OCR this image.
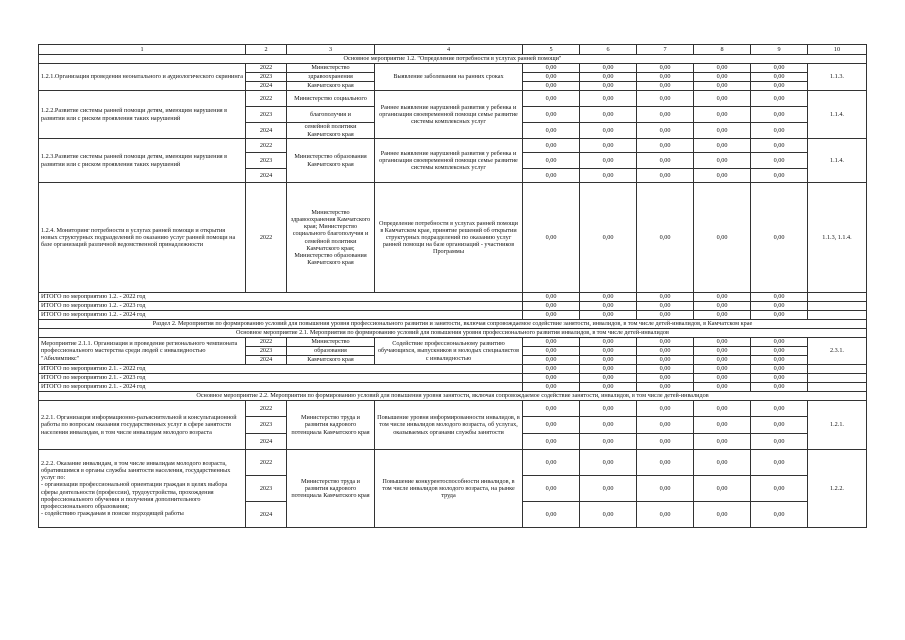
1	2	3	4	5	6	7	8	9	10
Основное мероприятие 1.2. "Определение потребности в услугах ранней помощи"									
1.2.1.Организация проведения неонатального и аудиологического скрининга	2022	Министерство	Выявление заболевания на ранних сроках	0,00	0,00	0,00	0,00	0,00	1.1.3.
	2023	здравоохранения		0,00	0,00	0,00	0,00	0,00	
	2024	Камчатского края		0,00	0,00	0,00	0,00	0,00	
1.2.2.Развитие системы ранней помощи детям, имеющим нарушения в развитии или с риском проявления таких нарушений	2022	Министерство социального	Раннее выявление нарушений развития у ребенка и организация своевременной помощи семье развитие системы комплексных услуг	0,00	0,00	0,00	0,00	0,00	1.1.4.
	2023	благополучия и		0,00	0,00	0,00	0,00	0,00	
	2024	семейной политики Камчатского края		0,00	0,00	0,00	0,00	0,00	
1.2.3.Развитие системы ранней помощи детям, имеющим нарушения в развитии или с риском проявления таких нарушений	2022	Министерство образования Камчатского края	Раннее выявление нарушений развития у ребенка и организация своевременной помощи семье развитие системы комплексных услуг	0,00	0,00	0,00	0,00	0,00	1.1.4.
	2023			0,00	0,00	0,00	0,00	0,00	
	2024			0,00	0,00	0,00	0,00	0,00	
1.2.4. Мониторинг потребности в услугах ранней помощи и открытия новых структурных подразделений по оказанию услуг ранней помощи на базе организаций различной ведомственной принадлежности	2022	Министерство здравоохранения Камчатского края; Министерство социального благополучия и семейной политики Камчатского края; Министерство образования Камчатского края	Определение потребности в услугах ранней помощи в Камчатском крае, принятие решений об открытии структурных подразделений по оказанию услуг ранней помощи на базе организаций - участников Программы	0,00	0,00	0,00	0,00	0,00	1.1.3, 1.1.4.
ИТОГО по мероприятию 1.2. - 2022 год				0,00	0,00	0,00	0,00	0,00	
ИТОГО по мероприятию 1.2. - 2023 год				0,00	0,00	0,00	0,00	0,00	
ИТОГО по мероприятию 1.2. - 2024 год				0,00	0,00	0,00	0,00	0,00	
Раздел 2. Мероприятия по формированию условий для повышения уровня профессионального развития и занятости, включая сопровождаемое содействие занятости, инвалидов, в том числе детей-инвалидов, в Камчатском крае									
Основное мероприятие 2.1. Мероприятия по формированию условий для повышения уровня профессионального развития инвалидов, в том числе детей-инвалидов									
Мероприятие 2.1.1. Организация и проведение регионального чемпионата профессионального мастерства среди людей с инвалидностью "Абилимпикс"	2022	Министерство	Содействие профессиональному развитию обучающихся, выпускников и молодых специалистов с инвалидностью	0,00	0,00	0,00	0,00	0,00	2.3.1.
	2023	образования		0,00	0,00	0,00	0,00	0,00	
	2024	Камчатского края		0,00	0,00	0,00	0,00	0,00	
ИТОГО по мероприятию 2.1. - 2022 год				0,00	0,00	0,00	0,00	0,00	
ИТОГО по мероприятию 2.1. - 2023 год				0,00	0,00	0,00	0,00	0,00	
ИТОГО по мероприятию 2.1. - 2024 год				0,00	0,00	0,00	0,00	0,00	
Основное мероприятие 2.2. Мероприятия по формированию условий для повышения уровня занятости, включая сопровождаемое содействие занятости, инвалидов, в том числе детей-инвалидов									
2.2.1. Организация информационно-разъяснительной и консультационной работы по вопросам оказания государственных услуг в сфере занятости населения инвалидам, в том числе инвалидам молодого возраста	2022	Министерство труда и развития кадрового потенциала Камчатского края	Повышение уровня информированности инвалидов, в том числе инвалидов молодого возраста, об услугах, оказываемых органами службы занятости	0,00	0,00	0,00	0,00	0,00	1.2.1.
	2023			0,00	0,00	0,00	0,00	0,00	
	2024			0,00	0,00	0,00	0,00	0,00	

2.2.2. Оказание инвалидам, в том числе инвалидам молодого возраста, обратившимся в органы службы занятости населения, государственных услуг по:
- организации профессиональной ориентации граждан в целях выбора сферы деятельности (профессии), трудоустройства, прохождения профессионального обучения и получения дополнительного профессионального образования;
- содействию гражданам в поиске подходящей работы	2022	Министерство труда и развития кадрового потенциала Камчатского края	Повышение конкурентоспособности инвалидов, в том числе инвалидов молодого возраста, на рынке труда	0,00	0,00	0,00	0,00	0,00	1.2.2.
	2023			0,00	0,00	0,00	0,00	0,00	
	2024			0,00	0,00	0,00	0,00	0,00	
